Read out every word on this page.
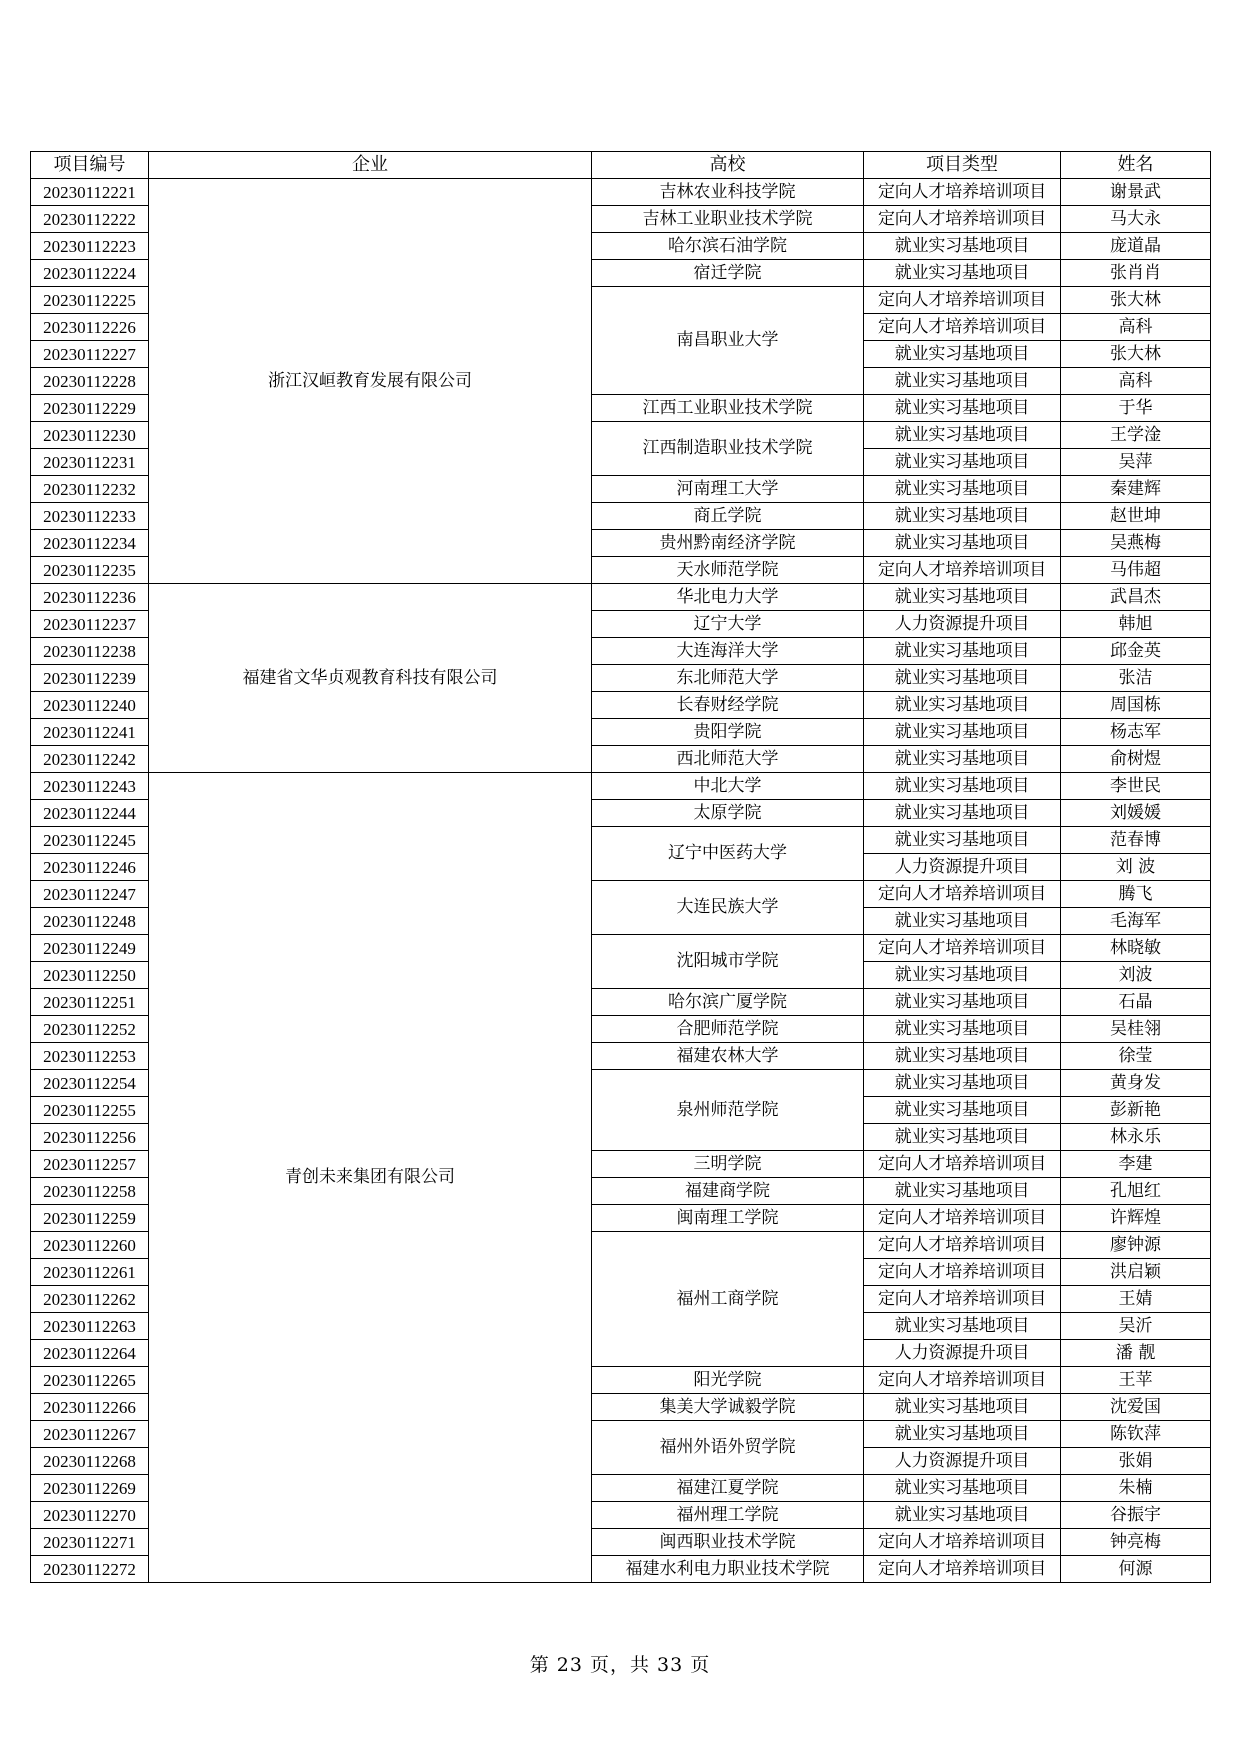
项目编号	企业	高校	项目类型	姓名
20230112221	浙江汉峘教育发展有限公司	吉林农业科技学院	定向人才培养培训项目	谢景武
20230112222		吉林工业职业技术学院	定向人才培养培训项目	马大永
20230112223		哈尔滨石油学院	就业实习基地项目	庞道晶
20230112224		宿迁学院	就业实习基地项目	张肖肖
20230112225		南昌职业大学	定向人才培养培训项目	张大林
20230112226			定向人才培养培训项目	高科
20230112227			就业实习基地项目	张大林
20230112228			就业实习基地项目	高科
20230112229		江西工业职业技术学院	就业实习基地项目	于华
20230112230		江西制造职业技术学院	就业实习基地项目	王学淦
20230112231			就业实习基地项目	吴萍
20230112232		河南理工大学	就业实习基地项目	秦建辉
20230112233		商丘学院	就业实习基地项目	赵世坤
20230112234		贵州黔南经济学院	就业实习基地项目	吴燕梅
20230112235		天水师范学院	定向人才培养培训项目	马伟超
20230112236	福建省文华贞观教育科技有限公司	华北电力大学	就业实习基地项目	武昌杰
20230112237		辽宁大学	人力资源提升项目	韩旭
20230112238		大连海洋大学	就业实习基地项目	邱金英
20230112239		东北师范大学	就业实习基地项目	张洁
20230112240		长春财经学院	就业实习基地项目	周国栋
20230112241		贵阳学院	就业实习基地项目	杨志军
20230112242		西北师范大学	就业实习基地项目	俞树煜
20230112243	青创未来集团有限公司	中北大学	就业实习基地项目	李世民
20230112244		太原学院	就业实习基地项目	刘媛媛
20230112245		辽宁中医药大学	就业实习基地项目	范春博
20230112246			人力资源提升项目	刘 波
20230112247		大连民族大学	定向人才培养培训项目	腾飞
20230112248			就业实习基地项目	毛海军
20230112249		沈阳城市学院	定向人才培养培训项目	林晓敏
20230112250			就业实习基地项目	刘波
20230112251		哈尔滨广厦学院	就业实习基地项目	石晶
20230112252		合肥师范学院	就业实习基地项目	吴桂翎
20230112253		福建农林大学	就业实习基地项目	徐莹
20230112254		泉州师范学院	就业实习基地项目	黄身发
20230112255			就业实习基地项目	彭新艳
20230112256			就业实习基地项目	林永乐
20230112257		三明学院	定向人才培养培训项目	李建
20230112258		福建商学院	就业实习基地项目	孔旭红
20230112259		闽南理工学院	定向人才培养培训项目	许辉煌
20230112260		福州工商学院	定向人才培养培训项目	廖钟源
20230112261			定向人才培养培训项目	洪启颖
20230112262			定向人才培养培训项目	王婧
20230112263			就业实习基地项目	吴沂
20230112264			人力资源提升项目	潘 靓
20230112265		阳光学院	定向人才培养培训项目	王苹
20230112266		集美大学诚毅学院	就业实习基地项目	沈爱国
20230112267		福州外语外贸学院	就业实习基地项目	陈钦萍
20230112268			人力资源提升项目	张娟
20230112269		福建江夏学院	就业实习基地项目	朱楠
20230112270		福州理工学院	就业实习基地项目	谷振宇
20230112271		闽西职业技术学院	定向人才培养培训项目	钟亮梅
20230112272		福建水利电力职业技术学院	定向人才培养培训项目	何源
第 23 页，共 33 页
